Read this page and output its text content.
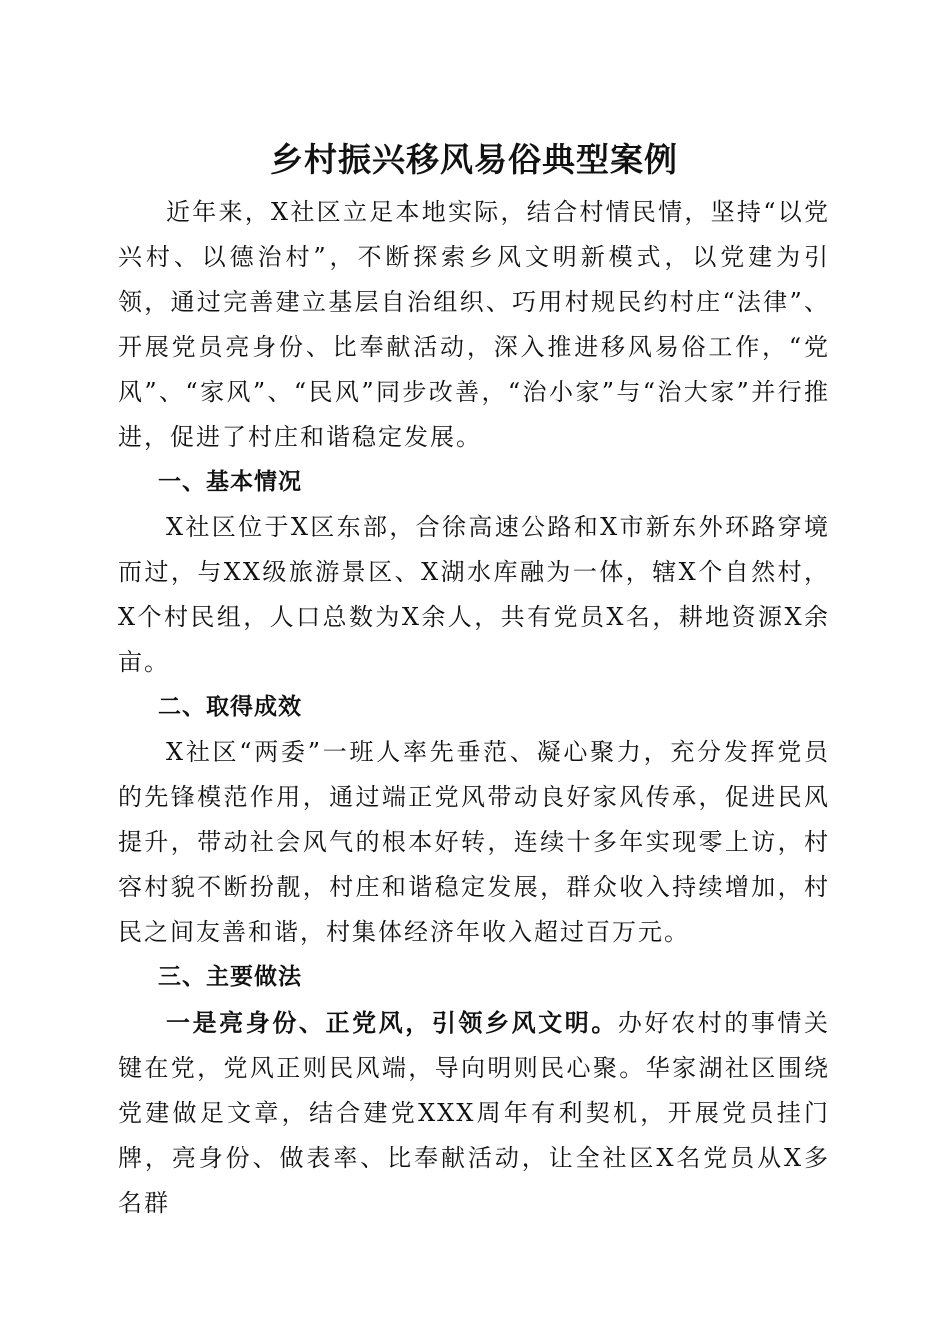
乡村振兴移风易俗典型案例

近年来，X社区立足本地实际，结合村情民情，坚持“以党兴村、以德治村”，不断探索乡风文明新模式，以党建为引领，通过完善建立基层自治组织、巧用村规民约村庄“法律”、开展党员亮身份、比奉献活动，深入推进移风易俗工作，“党风”、“家风”、“民风”同步改善，“治小家”与“治大家”并行推进，促进了村庄和谐稳定发展。

一、基本情况

X社区位于X区东部，合徐高速公路和X市新东外环路穿境而过，与XX级旅游景区、X湖水库融为一体，辖X个自然村，X个村民组，人口总数为X余人，共有党员X名，耕地资源X余亩。

二、取得成效

X社区“两委”一班人率先垂范、凝心聚力，充分发挥党员的先锋模范作用，通过端正党风带动良好家风传承，促进民风提升，带动社会风气的根本好转，连续十多年实现零上访，村容村貌不断扮靓，村庄和谐稳定发展，群众收入持续增加，村民之间友善和谐，村集体经济年收入超过百万元。

三、主要做法

一是亮身份、正党风，引领乡风文明。办好农村的事情关键在党，党风正则民风端，导向明则民心聚。华家湖社区围绕党建做足文章，结合建党XXX周年有利契机，开展党员挂门牌，亮身份、做表率、比奉献活动，让全社区X名党员从X多名群
